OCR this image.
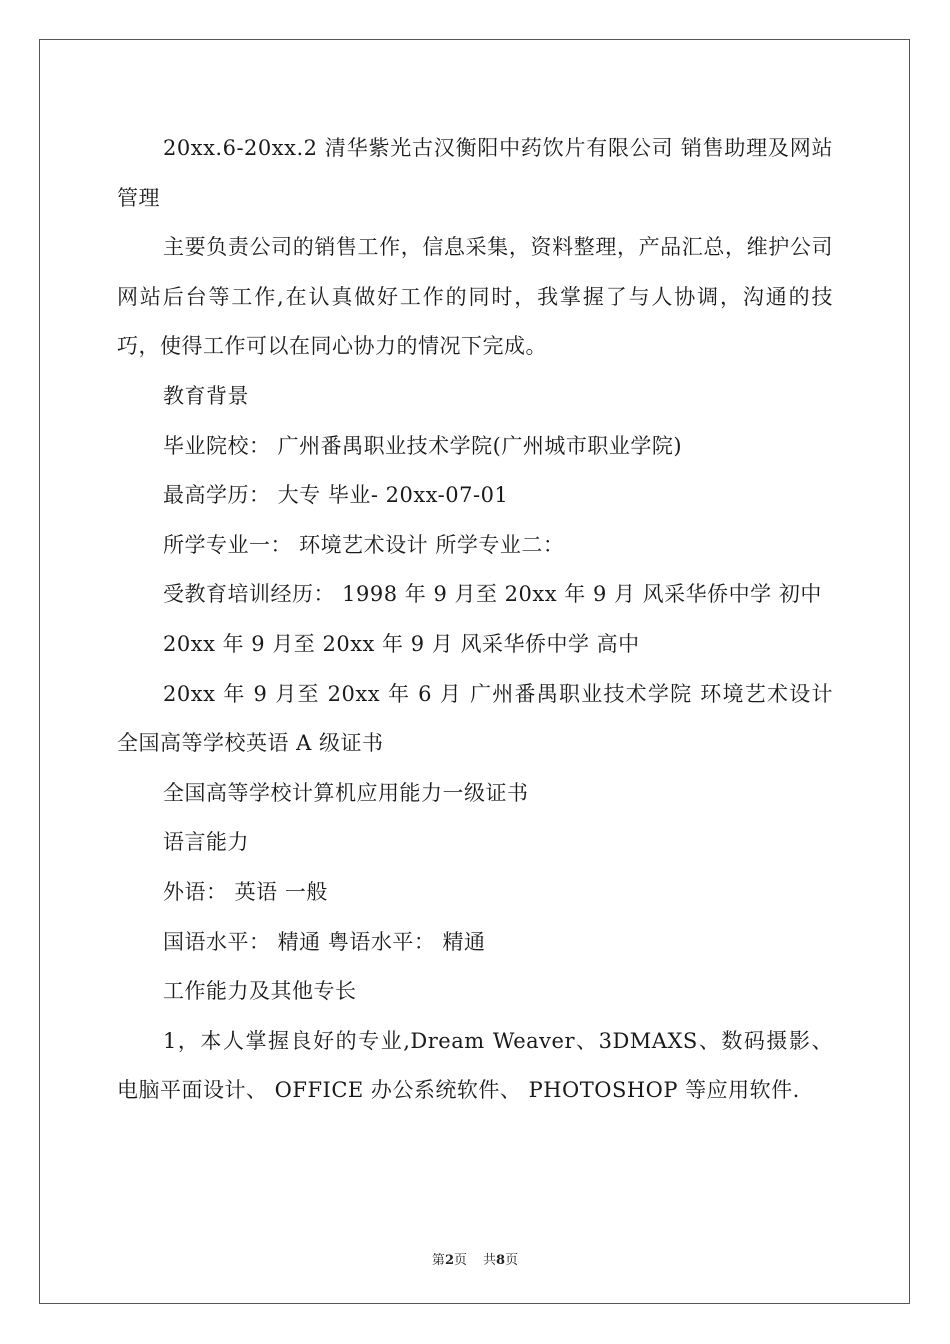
20xx.6-20xx.2 清华紫光古汉衡阳中药饮片有限公司 销售助理及网站管理

主要负责公司的销售工作，信息采集，资料整理，产品汇总，维护公司网站后台等工作,在认真做好工作的同时，我掌握了与人协调，沟通的技巧，使得工作可以在同心协力的情况下完成。

教育背景

毕业院校： 广州番禺职业技术学院(广州城市职业学院)

最高学历： 大专 毕业- 20xx-07-01

所学专业一： 环境艺术设计 所学专业二：

受教育培训经历： 1998 年 9 月至 20xx 年 9 月 风采华侨中学 初中

20xx 年 9 月至 20xx 年 9 月 风采华侨中学 高中

20xx 年 9 月至 20xx 年 6 月 广州番禺职业技术学院 环境艺术设计 全国高等学校英语 A 级证书

全国高等学校计算机应用能力一级证书

语言能力

外语： 英语 一般

国语水平： 精通 粤语水平： 精通

工作能力及其他专长

1，本人掌握良好的专业,Dream Weaver、3DMAXS、数码摄影、电脑平面设计、 OFFICE 办公系统软件、 PHOTOSHOP 等应用软件.

第2页 共8页
